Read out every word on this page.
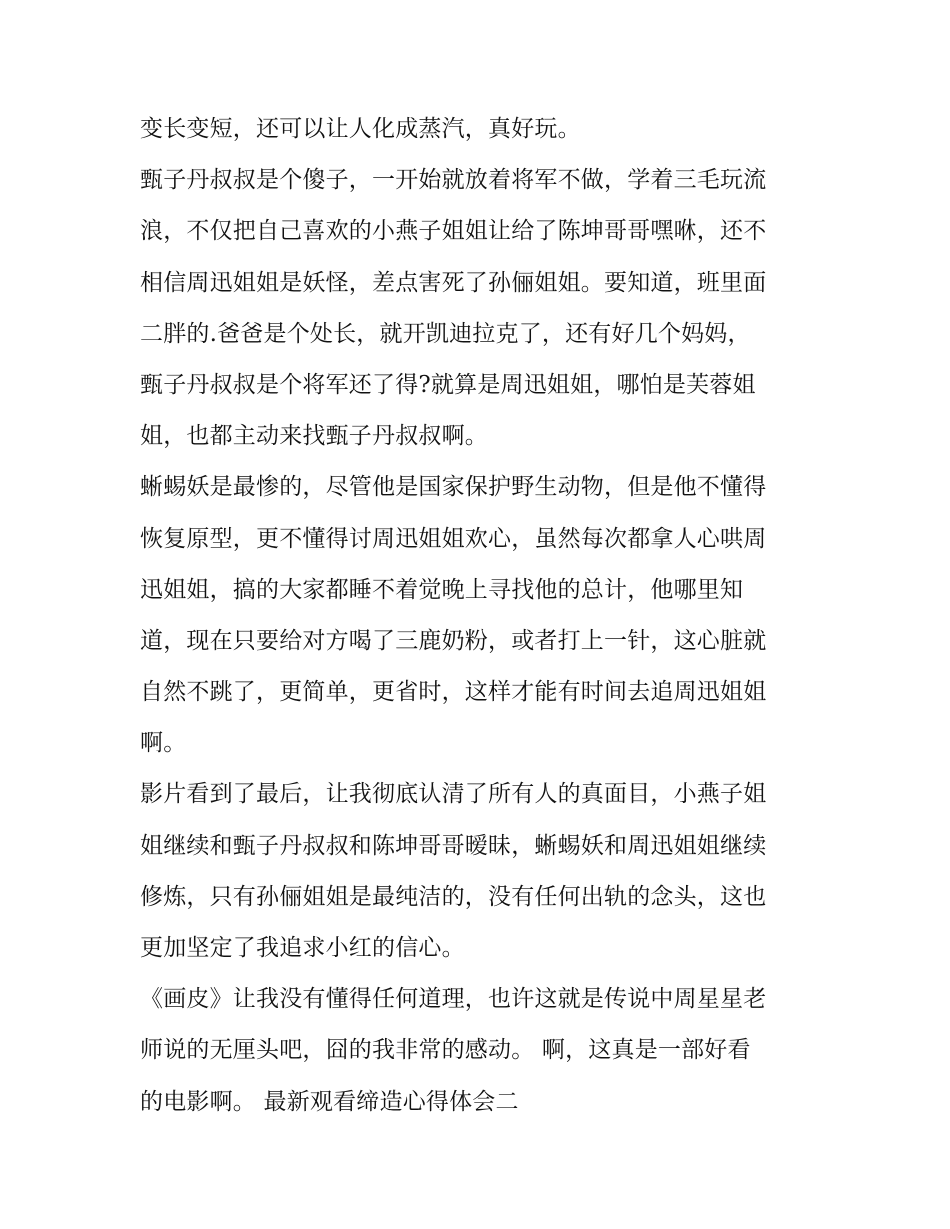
变长变短，还可以让人化成蒸汽，真好玩。
甄子丹叔叔是个傻子，一开始就放着将军不做，学着三毛玩流
浪，不仅把自己喜欢的小燕子姐姐让给了陈坤哥哥嘿咻，还不
相信周迅姐姐是妖怪，差点害死了孙俪姐姐。要知道，班里面
二胖的.爸爸是个处长，就开凯迪拉克了，还有好几个妈妈，
甄子丹叔叔是个将军还了得?就算是周迅姐姐，哪怕是芙蓉姐
姐，也都主动来找甄子丹叔叔啊。
蜥蜴妖是最惨的，尽管他是国家保护野生动物，但是他不懂得
恢复原型，更不懂得讨周迅姐姐欢心，虽然每次都拿人心哄周
迅姐姐，搞的大家都睡不着觉晚上寻找他的总计，他哪里知
道，现在只要给对方喝了三鹿奶粉，或者打上一针，这心脏就
自然不跳了，更简单，更省时，这样才能有时间去追周迅姐姐
啊。
影片看到了最后，让我彻底认清了所有人的真面目，小燕子姐
姐继续和甄子丹叔叔和陈坤哥哥暧昧，蜥蜴妖和周迅姐姐继续
修炼，只有孙俪姐姐是最纯洁的，没有任何出轨的念头，这也
更加坚定了我追求小红的信心。
《画皮》让我没有懂得任何道理，也许这就是传说中周星星老
师说的无厘头吧，囧的我非常的感动。 啊，这真是一部好看
的电影啊。 最新观看缔造心得体会二
